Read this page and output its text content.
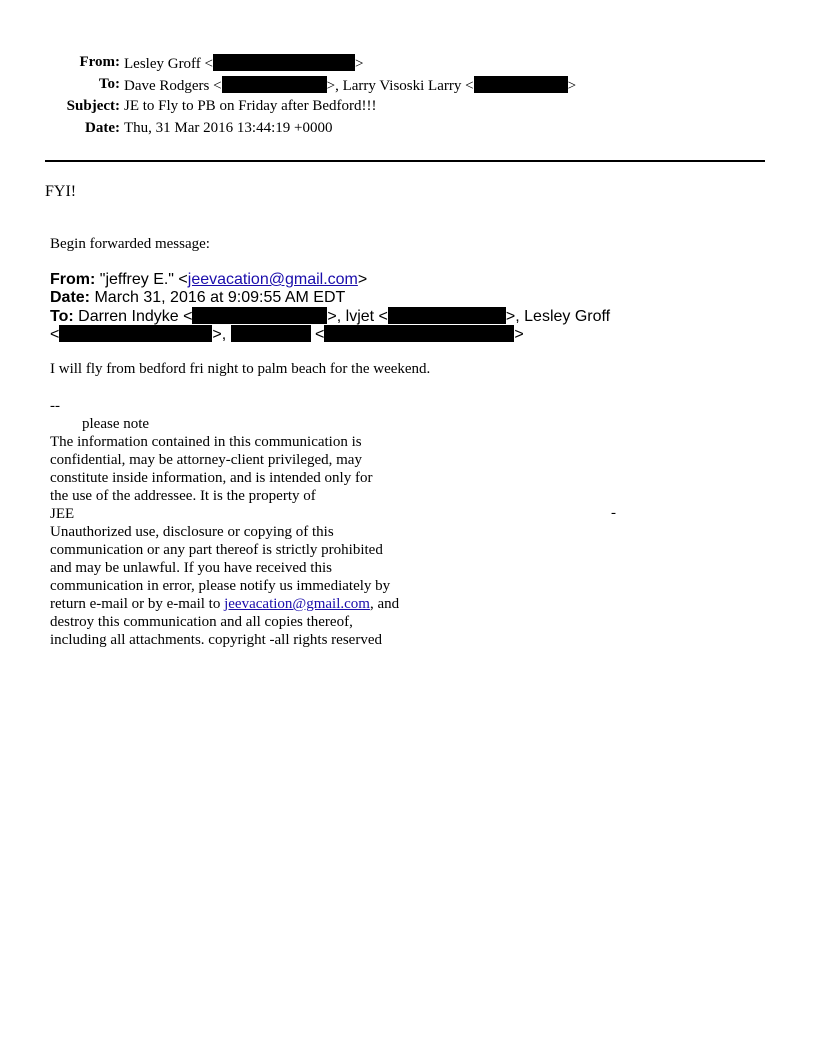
From: Lesley Groff <	>
To: Dave Rodgers <	>, Larry Visoski Larry <	>
Subject: JE to Fly to PB on Friday after Bedford!!!
Date: Thu, 31 Mar 2016 13:44:19 +0000
FYI!
Begin forwarded message:
From: "jeffrey E." <jeevacation@gmail.com>
Date: March 31, 2016 at 9:09:55 AM EDT
To: Darren Indyke <	>, lvjet <	>, Lesley Groff
<	>,	<	>
I will fly from bedford fri night to palm beach for the weekend.
--
please note
The information contained in this communication is
confidential, may be attorney-client privileged, may
constitute inside information, and is intended only for
the use of the addressee. It is the property of
JEE
Unauthorized use, disclosure or copying of this
communication or any part thereof is strictly prohibited
and may be unlawful. If you have received this
communication in error, please notify us immediately by
return e-mail or by e-mail to jeevacation@gmail.com, and
destroy this communication and all copies thereof,
including all attachments. copyright -all rights reserved
-
